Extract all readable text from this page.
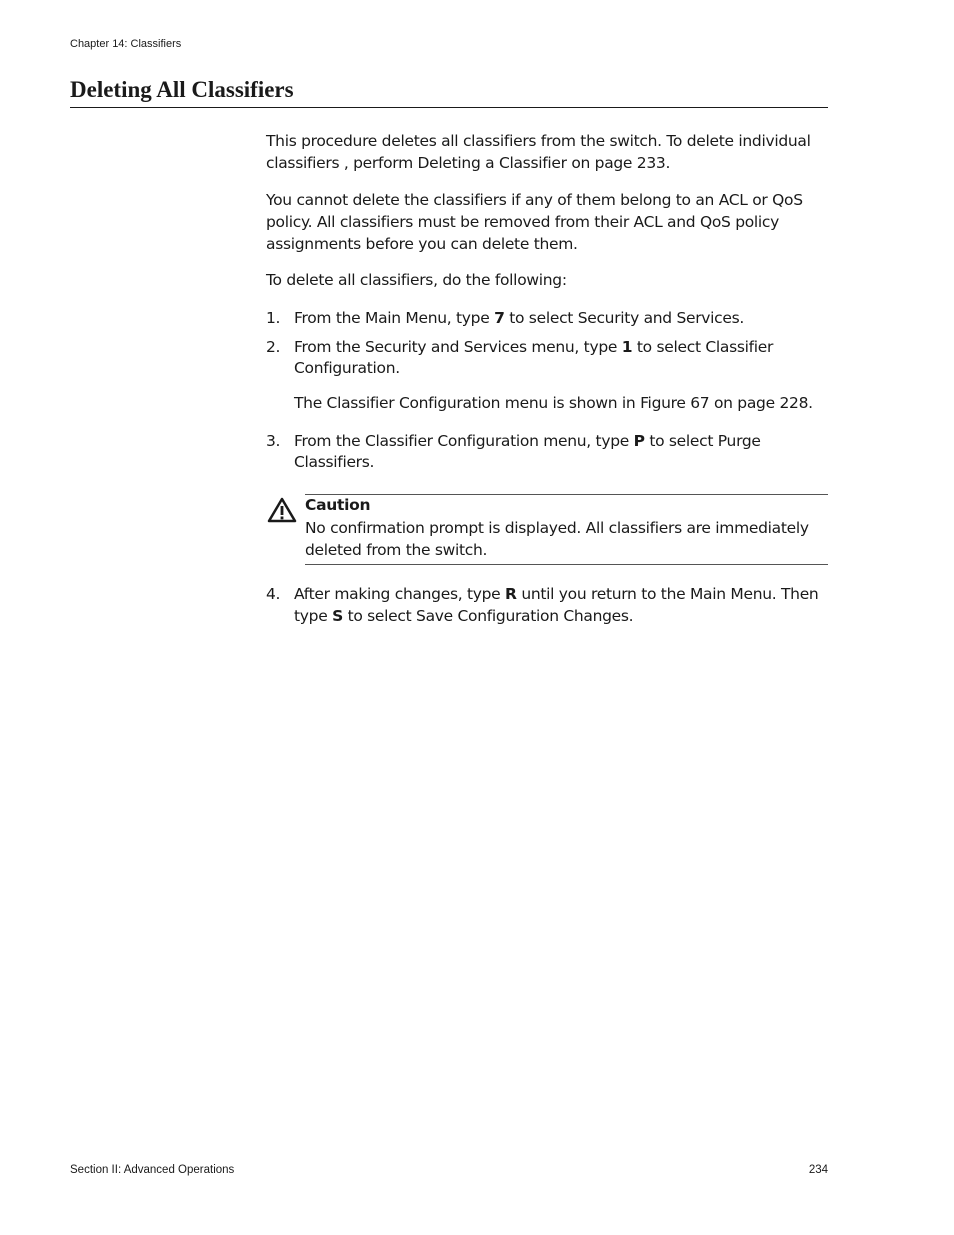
Chapter 14: Classifiers
Deleting All Classifiers

This procedure deletes all classifiers from the switch. To delete individual classifiers , perform Deleting a Classifier on page 233.

You cannot delete the classifiers if any of them belong to an ACL or QoS policy. All classifiers must be removed from their ACL and QoS policy assignments before you can delete them.

To delete all classifiers, do the following:

1. From the Main Menu, type 7 to select Security and Services.
2. From the Security and Services menu, type 1 to select Classifier Configuration.
The Classifier Configuration menu is shown in Figure 67 on page 228.
3. From the Classifier Configuration menu, type P to select Purge Classifiers.
Caution
No confirmation prompt is displayed. All classifiers are immediately deleted from the switch.
4. After making changes, type R until you return to the Main Menu. Then type S to select Save Configuration Changes.
Section II: Advanced Operations	234
